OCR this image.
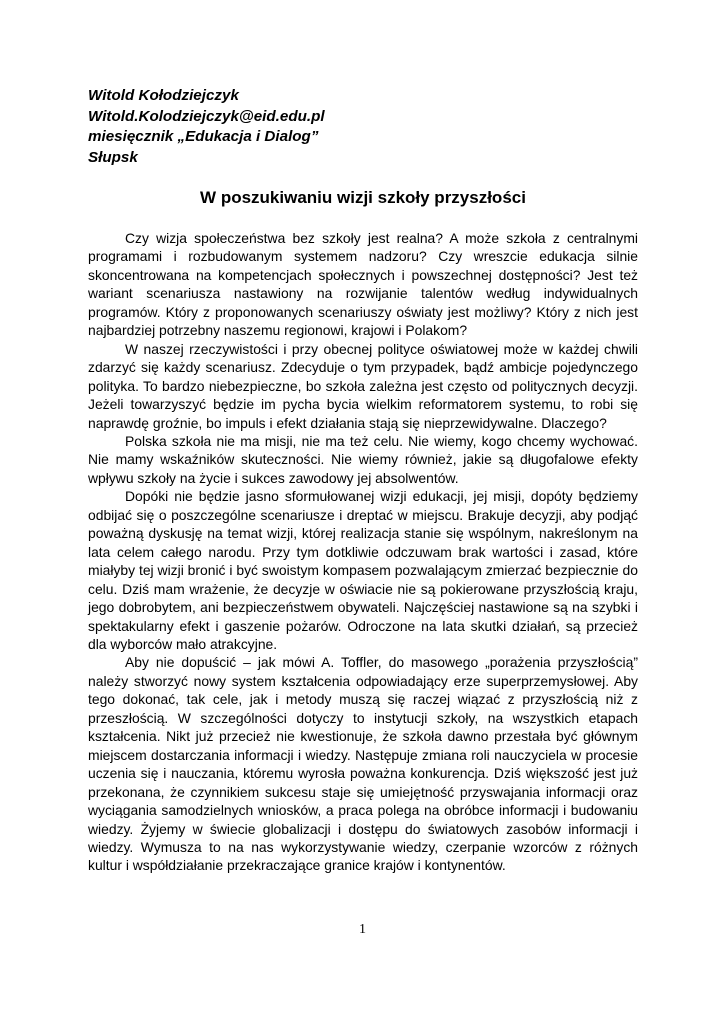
Witold Kołodziejczyk
Witold.Kolodziejczyk@eid.edu.pl
miesięcznik „Edukacja i Dialog”
Słupsk
W poszukiwaniu wizji szkoły przyszłości

Czy wizja społeczeństwa bez szkoły jest realna? A może szkoła z centralnymi programami i rozbudowanym systemem nadzoru? Czy wreszcie edukacja silnie skoncentrowana na kompetencjach społecznych i powszechnej dostępności? Jest też wariant scenariusza nastawiony na rozwijanie talentów według indywidualnych programów. Który z proponowanych scenariuszy oświaty jest możliwy? Który z nich jest najbardziej potrzebny naszemu regionowi, krajowi i Polakom?

W naszej rzeczywistości i przy obecnej polityce oświatowej może w każdej chwili zdarzyć się każdy scenariusz. Zdecyduje o tym przypadek, bądź ambicje pojedynczego polityka. To bardzo niebezpieczne, bo szkoła zależna jest często od politycznych decyzji. Jeżeli towarzyszyć będzie im pycha bycia wielkim reformatorem systemu, to robi się naprawdę groźnie, bo impuls i efekt działania stają się nieprzewidywalne. Dlaczego?

Polska szkoła nie ma misji, nie ma też celu. Nie wiemy, kogo chcemy wychować. Nie mamy wskaźników skuteczności. Nie wiemy również, jakie są długofalowe efekty wpływu szkoły na życie i sukces zawodowy jej absolwentów.

Dopóki nie będzie jasno sformułowanej wizji edukacji, jej misji, dopóty będziemy odbijać się o poszczególne scenariusze i dreptać w miejscu. Brakuje decyzji, aby podjąć poważną dyskusję na temat wizji, której realizacja stanie się wspólnym, nakreślonym na lata celem całego narodu. Przy tym dotkliwie odczuwam brak wartości i zasad, które miałyby tej wizji bronić i być swoistym kompasem pozwalającym zmierzać bezpiecznie do celu. Dziś mam wrażenie, że decyzje w oświacie nie są pokierowane przyszłością kraju, jego dobrobytem, ani bezpieczeństwem obywateli. Najczęściej nastawione są na szybki i spektakularny efekt i gaszenie pożarów. Odroczone na lata skutki działań, są przecież dla wyborców mało atrakcyjne.

Aby nie dopuścić – jak mówi A. Toffler, do masowego „porażenia przyszłością” należy stworzyć nowy system kształcenia odpowiadający erze superprzemysłowej. Aby tego dokonać, tak cele, jak i metody muszą się raczej wiązać z przyszłością niż z przeszłością. W szczególności dotyczy to instytucji szkoły, na wszystkich etapach kształcenia. Nikt już przecież nie kwestionuje, że szkoła dawno przestała być głównym miejscem dostarczania informacji i wiedzy. Następuje zmiana roli nauczyciela w procesie uczenia się i nauczania, któremu wyrosła poważna konkurencja. Dziś większość jest już przekonana, że czynnikiem sukcesu staje się umiejętność przyswajania informacji oraz wyciągania samodzielnych wniosków, a praca polega na obróbce informacji i budowaniu wiedzy. Żyjemy w świecie globalizacji i dostępu do światowych zasobów informacji i wiedzy. Wymusza to na nas wykorzystywanie wiedzy, czerpanie wzorców z różnych kultur i współdziałanie przekraczające granice krajów i kontynentów.

1
